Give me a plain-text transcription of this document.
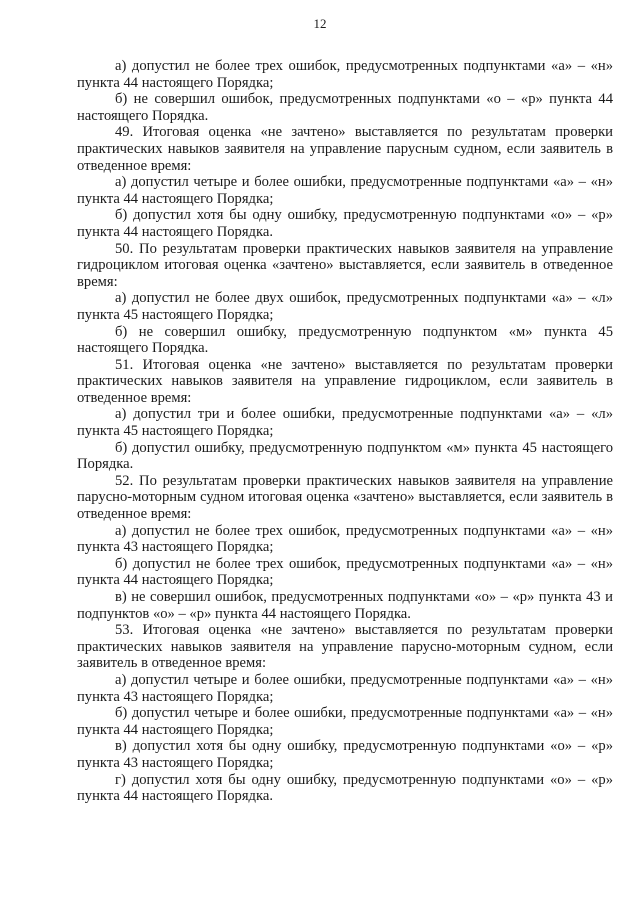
12

а) допустил не более трех ошибок, предусмотренных подпунктами «а» – «н» пункта 44 настоящего Порядка;

б) не совершил ошибок, предусмотренных подпунктами «о – «р» пункта 44 настоящего Порядка.

49. Итоговая оценка «не зачтено» выставляется по результатам проверки практических навыков заявителя на управление парусным судном, если заявитель в отведенное время:

а) допустил четыре и более ошибки, предусмотренные подпунктами «а» – «н» пункта 44 настоящего Порядка;

б) допустил хотя бы одну ошибку, предусмотренную подпунктами «о» – «р» пункта 44 настоящего Порядка.

50. По результатам проверки практических навыков заявителя на управление гидроциклом итоговая оценка «зачтено» выставляется, если заявитель в отведенное время:

а) допустил не более двух ошибок, предусмотренных подпунктами «а» – «л» пункта 45 настоящего Порядка;

б) не совершил ошибку, предусмотренную подпунктом «м» пункта 45 настоящего Порядка.

51. Итоговая оценка «не зачтено» выставляется по результатам проверки практических навыков заявителя на управление гидроциклом, если заявитель в отведенное время:

а) допустил три и более ошибки, предусмотренные подпунктами «а» – «л» пункта 45 настоящего Порядка;

б) допустил ошибку, предусмотренную подпунктом «м» пункта 45 настоящего Порядка.

52. По результатам проверки практических навыков заявителя на управление парусно-моторным судном итоговая оценка «зачтено» выставляется, если заявитель в отведенное время:

а) допустил не более трех ошибок, предусмотренных подпунктами «а» – «н» пункта 43 настоящего Порядка;

б) допустил не более трех ошибок, предусмотренных подпунктами «а» – «н» пункта 44 настоящего Порядка;

в) не совершил ошибок, предусмотренных подпунктами «о» – «р» пункта 43 и подпунктов «о» – «р» пункта 44 настоящего Порядка.

53. Итоговая оценка «не зачтено» выставляется по результатам проверки практических навыков заявителя на управление парусно-моторным судном, если заявитель в отведенное время:

а) допустил четыре и более ошибки, предусмотренные подпунктами «а» – «н» пункта 43 настоящего Порядка;

б) допустил четыре и более ошибки, предусмотренные подпунктами «а» – «н» пункта 44 настоящего Порядка;

в) допустил хотя бы одну ошибку, предусмотренную подпунктами «о» – «р» пункта 43 настоящего Порядка;

г) допустил хотя бы одну ошибку, предусмотренную подпунктами «о» – «р» пункта 44 настоящего Порядка.
